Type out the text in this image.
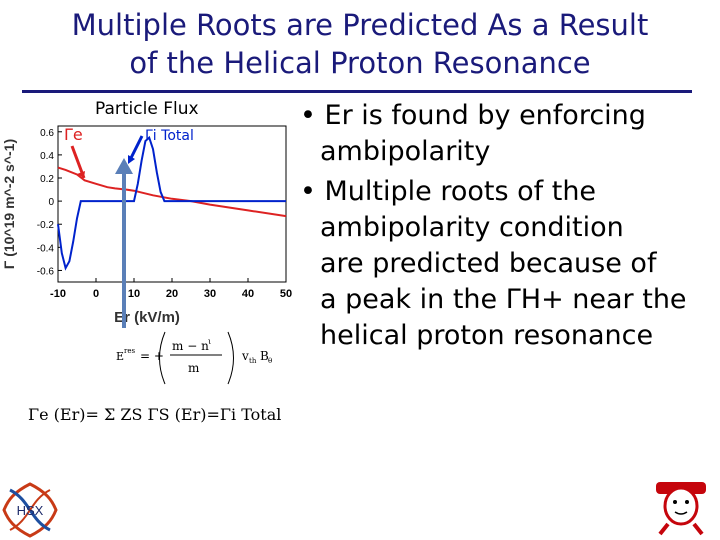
Multiple Roots are Predicted As a Result
of the Helical Proton Resonance
Particle Flux
Er (kV/m)
Γ (10^19 m^-2 s^-1)
-10 0	10 20 30 40 50
0.6
0.4
0.2
0
-0.2
-0.4
-0.6
Γe	Γi Total
• Er is found by enforcing
ambipolarity
• Multiple roots of the
ambipolarity condition
are predicted because of
a peak in the ΓH+ near the
helical proton resonance
E res = +
m − n ι
m
v th B θ
Er res = + ( (m − n ι) / m ) vth Bθ
Γe (Er)= Σ ZS ΓS (Er)=Γi Total
HSX
